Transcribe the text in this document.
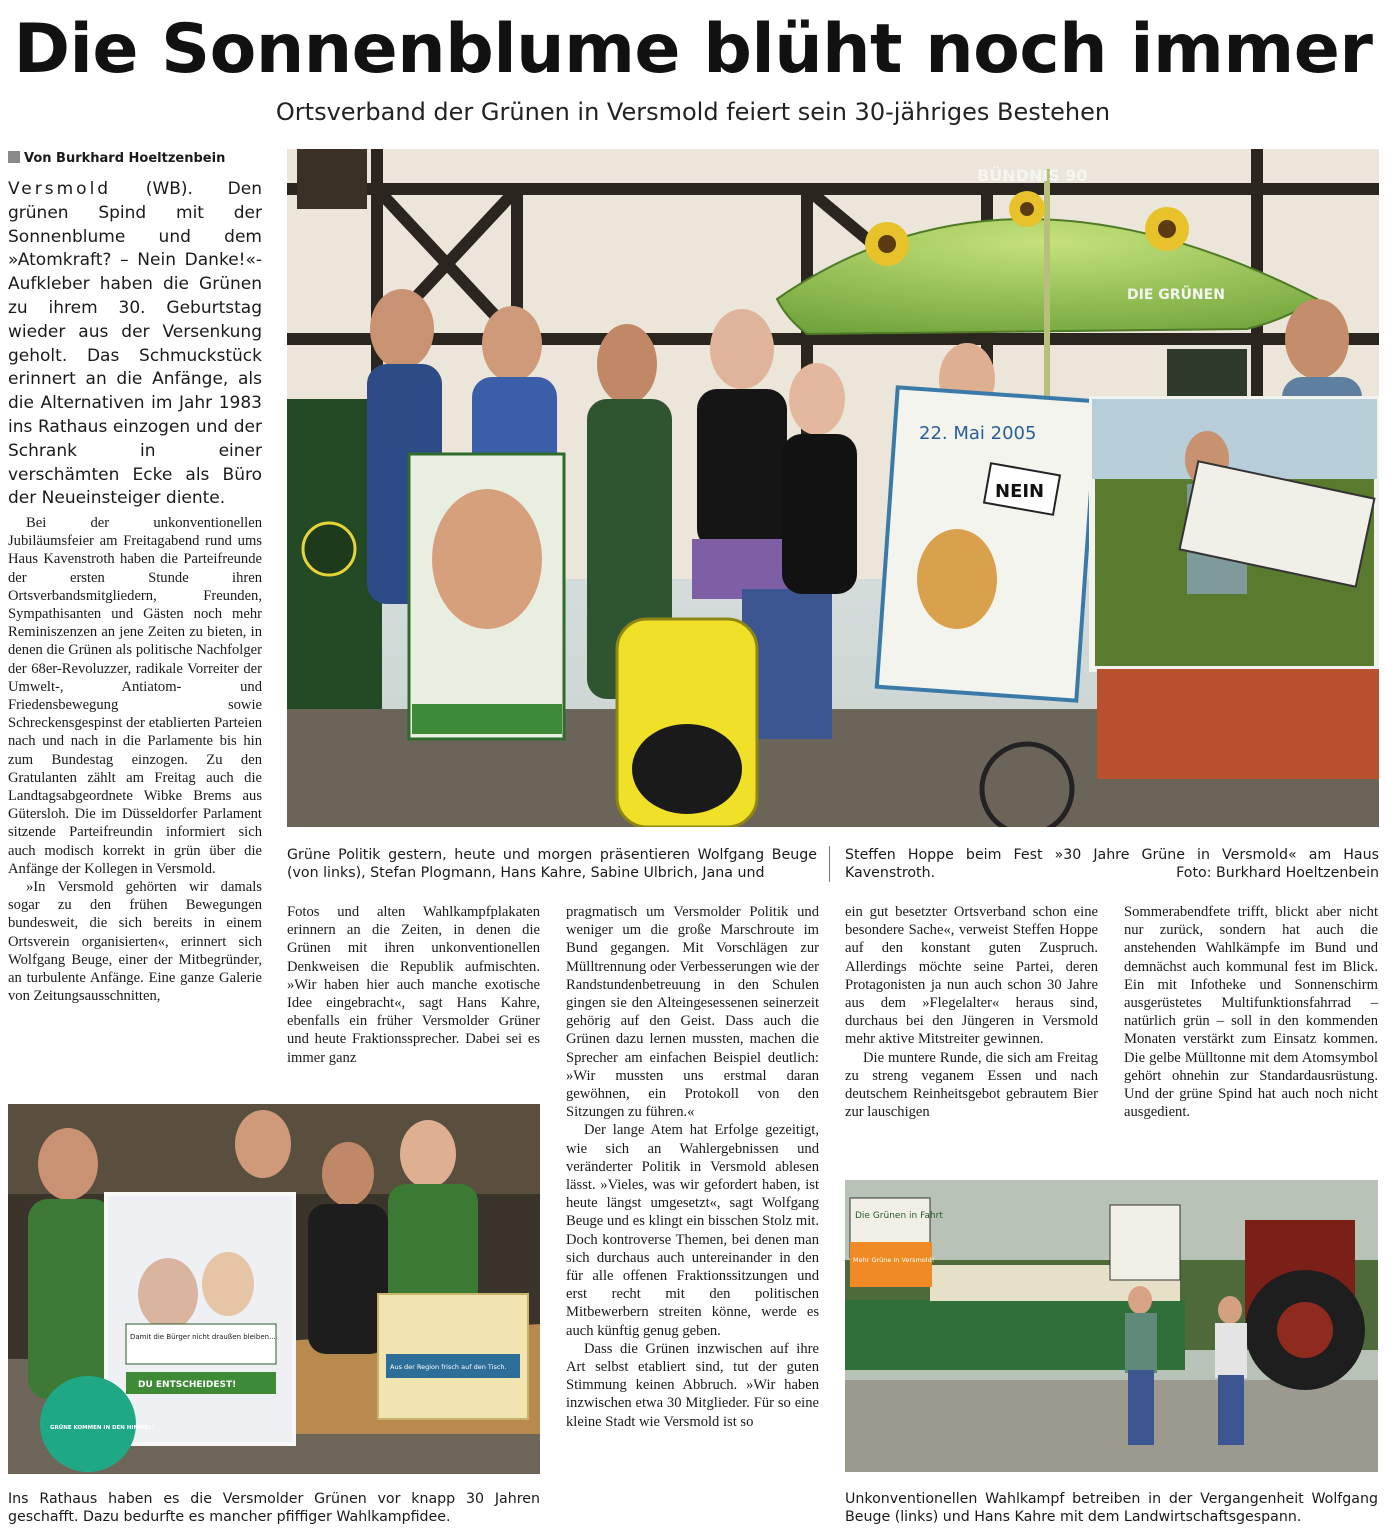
Die Sonnenblume blüht noch immer
Ortsverband der Grünen in Versmold feiert sein 30-jähriges Bestehen
Von Burkhard Hoeltzenbein
Versmold (WB). Den grünen Spind mit der Sonnenblume und dem »Atomkraft? – Nein Danke!«-Aufkleber haben die Grünen zu ihrem 30. Geburtstag wieder aus der Versenkung geholt. Das Schmuckstück erinnert an die Anfänge, als die Alternativen im Jahr 1983 ins Rathaus einzogen und der Schrank in einer verschämten Ecke als Büro der Neueinsteiger diente.

Bei der unkonventionellen Jubiläumsfeier am Freitagabend rund ums Haus Kavenstroth haben die Parteifreunde der ersten Stunde ihren Ortsverbandsmitgliedern, Freunden, Sympathisanten und Gästen noch mehr Reminiszenzen an jene Zeiten zu bieten, in denen die Grünen als politische Nachfolger der 68er-Revoluzzer, radikale Vorreiter der Umwelt-, Antiatom- und Friedensbewegung sowie Schreckensgespinst der etablierten Parteien nach und nach in die Parlamente bis hin zum Bundestag einzogen. Zu den Gratulanten zählt am Freitag auch die Landtagsabgeordnete Wibke Brems aus Gütersloh. Die im Düsseldorfer Parlament sitzende Parteifreundin informiert sich auch modisch korrekt in grün über die Anfänge der Kollegen in Versmold.

»In Versmold gehörten wir damals sogar zu den frühen Bewegungen bundesweit, die sich bereits in einem Ortsverein organisierten«, erinnert sich Wolfgang Beuge, einer der Mitbegründer, an turbulente Anfänge. Eine ganze Galerie von Zeitungsausschnitten,

BÜNDNIS 90
DIE GRÜNEN
22. Mai 2005
NEIN
Grüne Politik gestern, heute und morgen präsentieren Wolfgang Beuge (von links), Stefan Plogmann, Hans Kahre, Sabine Ulbrich, Jana und
Steffen Hoppe beim Fest »30 Jahre Grüne in Versmold« am Haus Kavenstroth.	Foto: Burkhard Hoeltzenbein

Fotos und alten Wahlkampfplakaten erinnern an die Zeiten, in denen die Grünen mit ihren unkonventionellen Denkweisen die Republik aufmischten. »Wir haben hier auch manche exotische Idee eingebracht«, sagt Hans Kahre, ebenfalls ein früher Versmolder Grüner und heute Fraktionssprecher. Dabei sei es immer ganz

pragmatisch um Versmolder Politik und weniger um die große Marschroute im Bund gegangen. Mit Vorschlägen zur Mülltrennung oder Verbesserungen wie der Randstundenbetreuung in den Schulen gingen sie den Alteingesessenen seinerzeit gehörig auf den Geist. Dass auch die Grünen dazu lernen mussten, machen die Sprecher am einfachen Beispiel deutlich: »Wir mussten uns erstmal daran gewöhnen, ein Protokoll von den Sitzungen zu führen.«

Der lange Atem hat Erfolge gezeitigt, wie sich an Wahlergebnissen und veränderter Politik in Versmold ablesen lässt. »Vieles, was wir gefordert haben, ist heute längst umgesetzt«, sagt Wolfgang Beuge und es klingt ein bisschen Stolz mit. Doch kontroverse Themen, bei denen man sich durchaus auch untereinander in den für alle offenen Fraktionssitzungen und erst recht mit den politischen Mitbewerbern streiten könne, werde es auch künftig genug geben.

Dass die Grünen inzwischen auf ihre Art selbst etabliert sind, tut der guten Stimmung keinen Abbruch. »Wir haben inzwischen etwa 30 Mitglieder. Für so eine kleine Stadt wie Versmold ist so

ein gut besetzter Ortsverband schon eine besondere Sache«, verweist Steffen Hoppe auf den konstant guten Zuspruch. Allerdings möchte seine Partei, deren Protagonisten ja nun auch schon 30 Jahre aus dem »Flegelalter« heraus sind, durchaus bei den Jüngeren in Versmold mehr aktive Mitstreiter gewinnen.

Die muntere Runde, die sich am Freitag zu streng veganem Essen und nach deutschem Reinheitsgebot gebrautem Bier zur lauschigen

Sommerabendfete trifft, blickt aber nicht nur zurück, sondern hat auch die anstehenden Wahlkämpfe im Bund und demnächst auch kommunal fest im Blick. Ein mit Infotheke und Sonnenschirm ausgerüstetes Multifunktionsfahrrad – natürlich grün – soll in den kommenden Monaten verstärkt zum Einsatz kommen. Die gelbe Mülltonne mit dem Atomsymbol gehört ohnehin zur Standardausrüstung. Und der grüne Spind hat auch noch nicht ausgedient.

Damit die Bürger nicht draußen bleiben...
DU ENTSCHEIDEST!
Aus der Region frisch auf den Tisch.
GRÜNE KOMMEN IN DEN HIMMEL!
Ins Rathaus haben es die Versmolder Grünen vor knapp 30 Jahren geschafft. Dazu bedurfte es mancher pfiffiger Wahlkampfidee.
Die Grünen in Fahrt
Mehr Grüne in Versmold!
Unkonventionellen Wahlkampf betreiben in der Vergangenheit Wolfgang Beuge (links) und Hans Kahre mit dem Landwirtschaftsgespann.
